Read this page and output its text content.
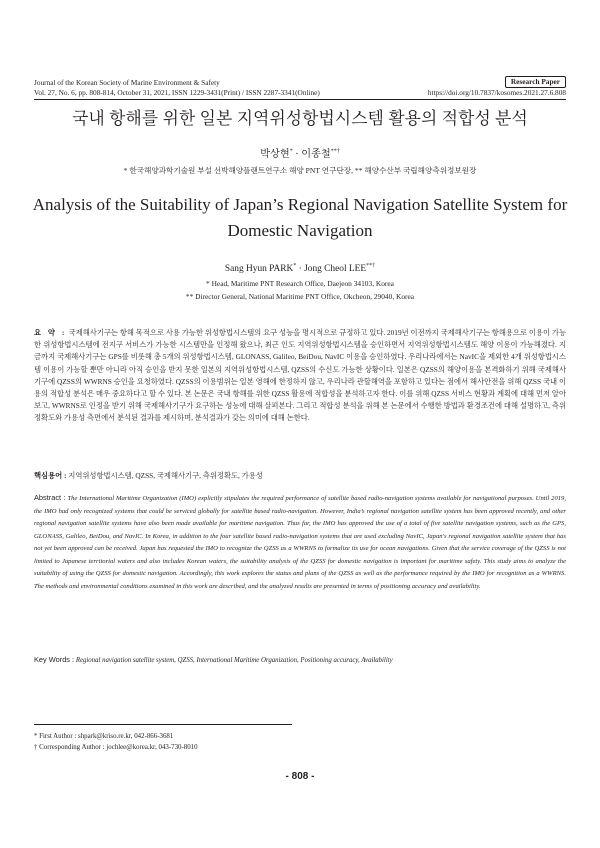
Journal of the Korean Society of Marine Environment & Safety	Research Paper
Vol. 27, No. 6, pp. 808-814, October 31, 2021, ISSN 1229-3431(Print) / ISSN 2287-3341(Online)	https://doi.org/10.7837/kosomes.2021.27.6.808
국내 항해를 위한 일본 지역위성항법시스템 활용의 적합성 분석
박상현* · 이종철**†
* 한국해양과학기술원 부설 선박해양플랜트연구소 해양 PNT 연구단장, ** 해양수산부 국립해양측위정보원장
Analysis of the Suitability of Japan’s Regional Navigation Satellite System for Domestic Navigation
Sang Hyun PARK* · Jong Cheol LEE**†
* Head, Maritime PNT Research Office, Daejeon 34103, Korea
** Director General, National Maritime PNT Office, Okcheon, 29040, Korea
요 약 : 국제해사기구는 항해 목적으로 사용 가능한 위성항법시스템의 요구 성능을 명시적으로 규정하고 있다. 2019년 이전까지 국제해사기구는 항해용으로 이용이 가능한 위성항법시스템에 전지구 서비스가 가능한 시스템만을 인정해 왔으나, 최근 인도 지역위성항법시스템을 승인하면서 지역위성항법시스템도 해양 이용이 가능해졌다. 지금까지 국제해사기구는 GPS를 비롯해 총 5개의 위성항법시스템, GLONASS, Galileo, BeiDou, NavIC 이용을 승인하였다. 우리나라에서는 NavIC을 제외한 4개 위성항법시스템 이용이 가능할 뿐만 아니라 아직 승인을 받지 못한 일본의 지역위성항법시스템, QZSS의 수신도 가능한 상황이다. 일본은 QZSS의 해양이용을 본격화하기 위해 국제해사기구에 QZSS의 WWRNS 승인을 요청하였다. QZSS의 이용범위는 일본 영해에 한정하지 않고, 우리나라 관할해역을 포함하고 있다는 점에서 해사안전을 위해 QZSS 국내 이용의 적합성 분석은 매우 중요하다고 할 수 있다. 본 논문은 국내 항해를 위한 QZSS 활용에 적합성을 분석하고자 한다. 이를 위해 QZSS 서비스 현황과 계획에 대해 먼저 알아보고, WWRNS로 인정을 받기 위해 국제해사기구가 요구하는 성능에 대해 살펴본다. 그리고 적합성 분석을 위해 본 논문에서 수행한 방법과 환경조건에 대해 설명하고, 측위정확도와 가용성 측면에서 분석된 결과를 제시하며, 분석결과가 갖는 의미에 대해 논한다.
핵심용어 : 지역위성항법시스템, QZSS, 국제해사기구, 측위정확도, 가용성
Abstract : The International Maritime Organization (IMO) explicitly stipulates the required performance of satellite based radio-navigation systems available for navigational purposes. Until 2019, the IMO had only recognized systems that could be serviced globally for satellite based radio-navigation. However, India’s regional navigation satellite system has been approved recently, and other regional navigation satellite systems have also been made available for maritime navigation. Thus far, the IMO has approved the use of a total of five satellite navigation systems, such as the GPS, GLONASS, Galileo, BeiDou, and NavIC. In Korea, in addition to the four satellite based radio-navigation systems that are used excluding NavIC, Japan's regional navigation satellite system that has not yet been approved can be received. Japan has requested the IMO to recognize the QZSS as a WWRNS to formalize its use for ocean navigations. Given that the service coverage of the QZSS is not limited to Japanese territorial waters and also includes Korean waters, the suitability analysis of the QZSS for domestic navigation is important for maritime safety. This study aims to analyze the suitability of using the QZSS for domestic navigation. Accordingly, this work explores the status and plans of the QZSS as well as the performance required by the IMO for recognition as a WWRNS. The methods and environmental conditions examined in this work are described, and the analyzed results are presented in terms of positioning accuracy and availability.
Key Words : Regional navigation satellite system, QZSS, International Maritime Organization, Positioning accuracy, Availability
* First Author : shpark@kriso.re.kr, 042-866-3681
† Corresponding Author : jochlee@korea.kr, 043-730-8010
- 808 -
